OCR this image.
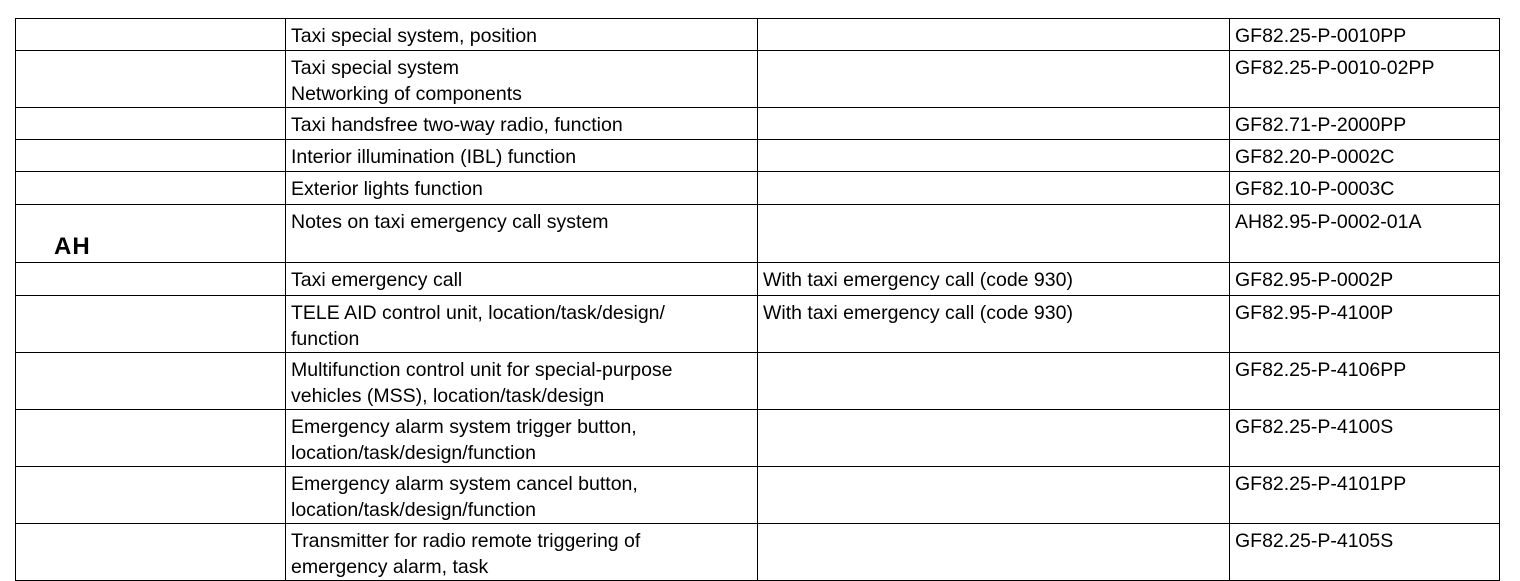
	Taxi special system, position		GF82.25-P-0010PP
	Taxi special system
Networking of components		GF82.25-P-0010-02PP
	Taxi handsfree two-way radio, function		GF82.71-P-2000PP
	Interior illumination (IBL) function		GF82.20-P-0002C
	Exterior lights function		GF82.10-P-0003C

AH	Notes on taxi emergency call system		AH82.95-P-0002-01A
	Taxi emergency call	With taxi emergency call (code 930)	GF82.95-P-0002P
	TELE AID control unit, location/task/design/
function	With taxi emergency call (code 930)	GF82.95-P-4100P
	Multifunction control unit for special-purpose
vehicles (MSS), location/task/design		GF82.25-P-4106PP
	Emergency alarm system trigger button,
location/task/design/function		GF82.25-P-4100S
	Emergency alarm system cancel button,
location/task/design/function		GF82.25-P-4101PP
	Transmitter for radio remote triggering of
emergency alarm, task		GF82.25-P-4105S
